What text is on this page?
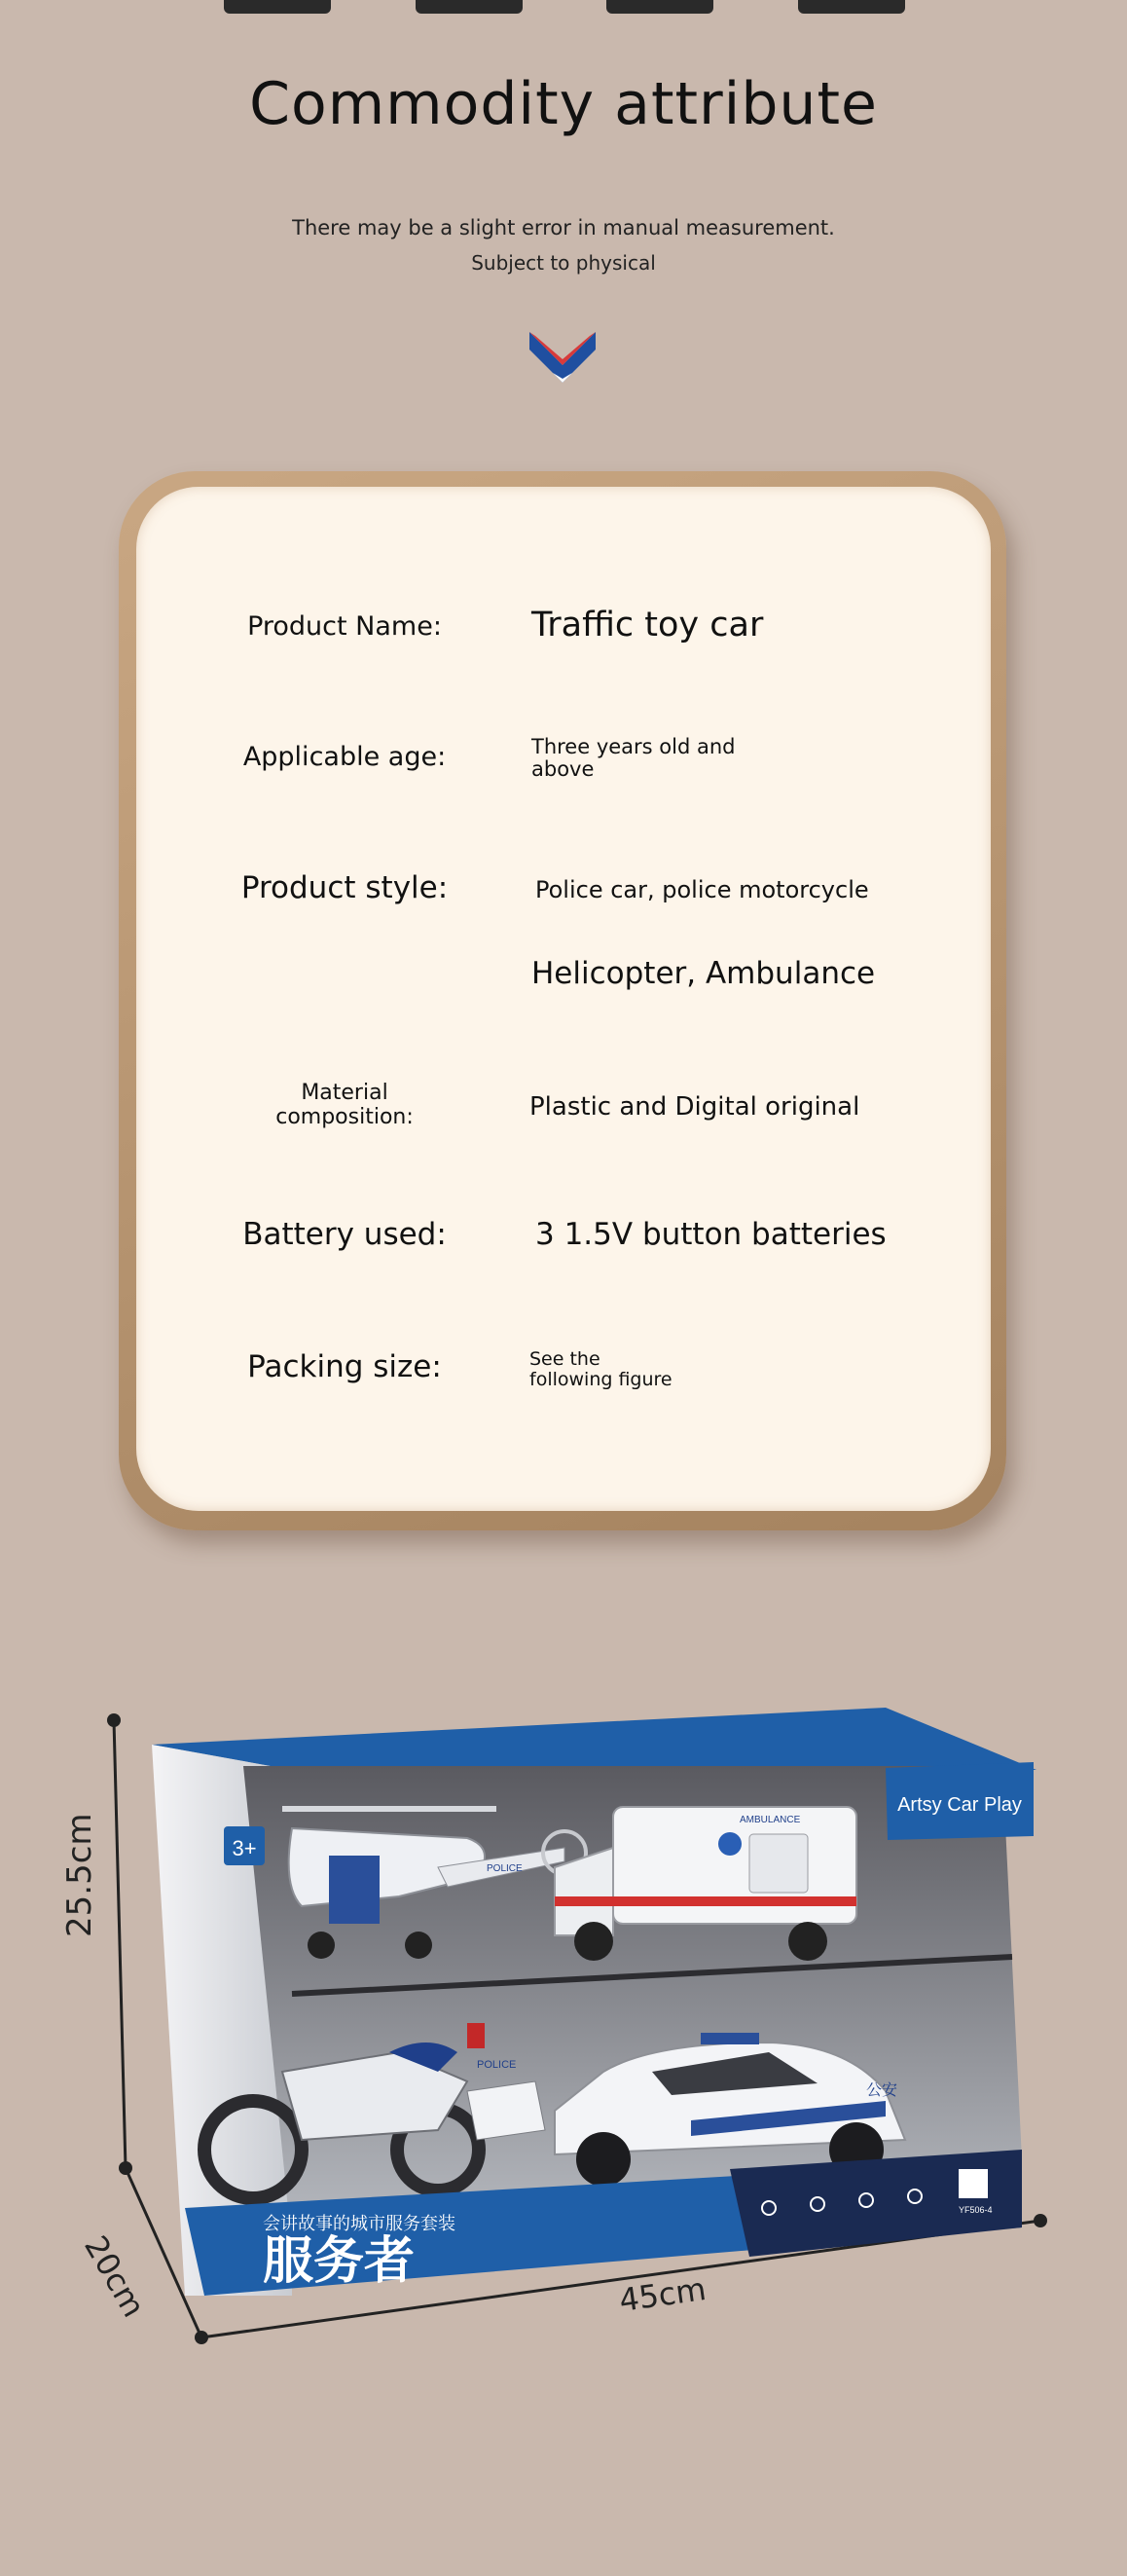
Commodity attribute
There may be a slight error in manual measurement.
Subject to physical
Product Name:	Traffic toy car
Applicable age:	Three years old and
above
Product style:	Police car, police motorcycle
Helicopter, Ambulance
Material
composition:	Plastic and Digital original
Battery used:	3 1.5V button batteries
Packing size:	See the
following figure
25.5cm
20cm	45cm
Artsy Car Play
3+
POLICE
AMBULANCE
POLICE
公安
会讲故事的城市服务套装
服务者
YF506-4
